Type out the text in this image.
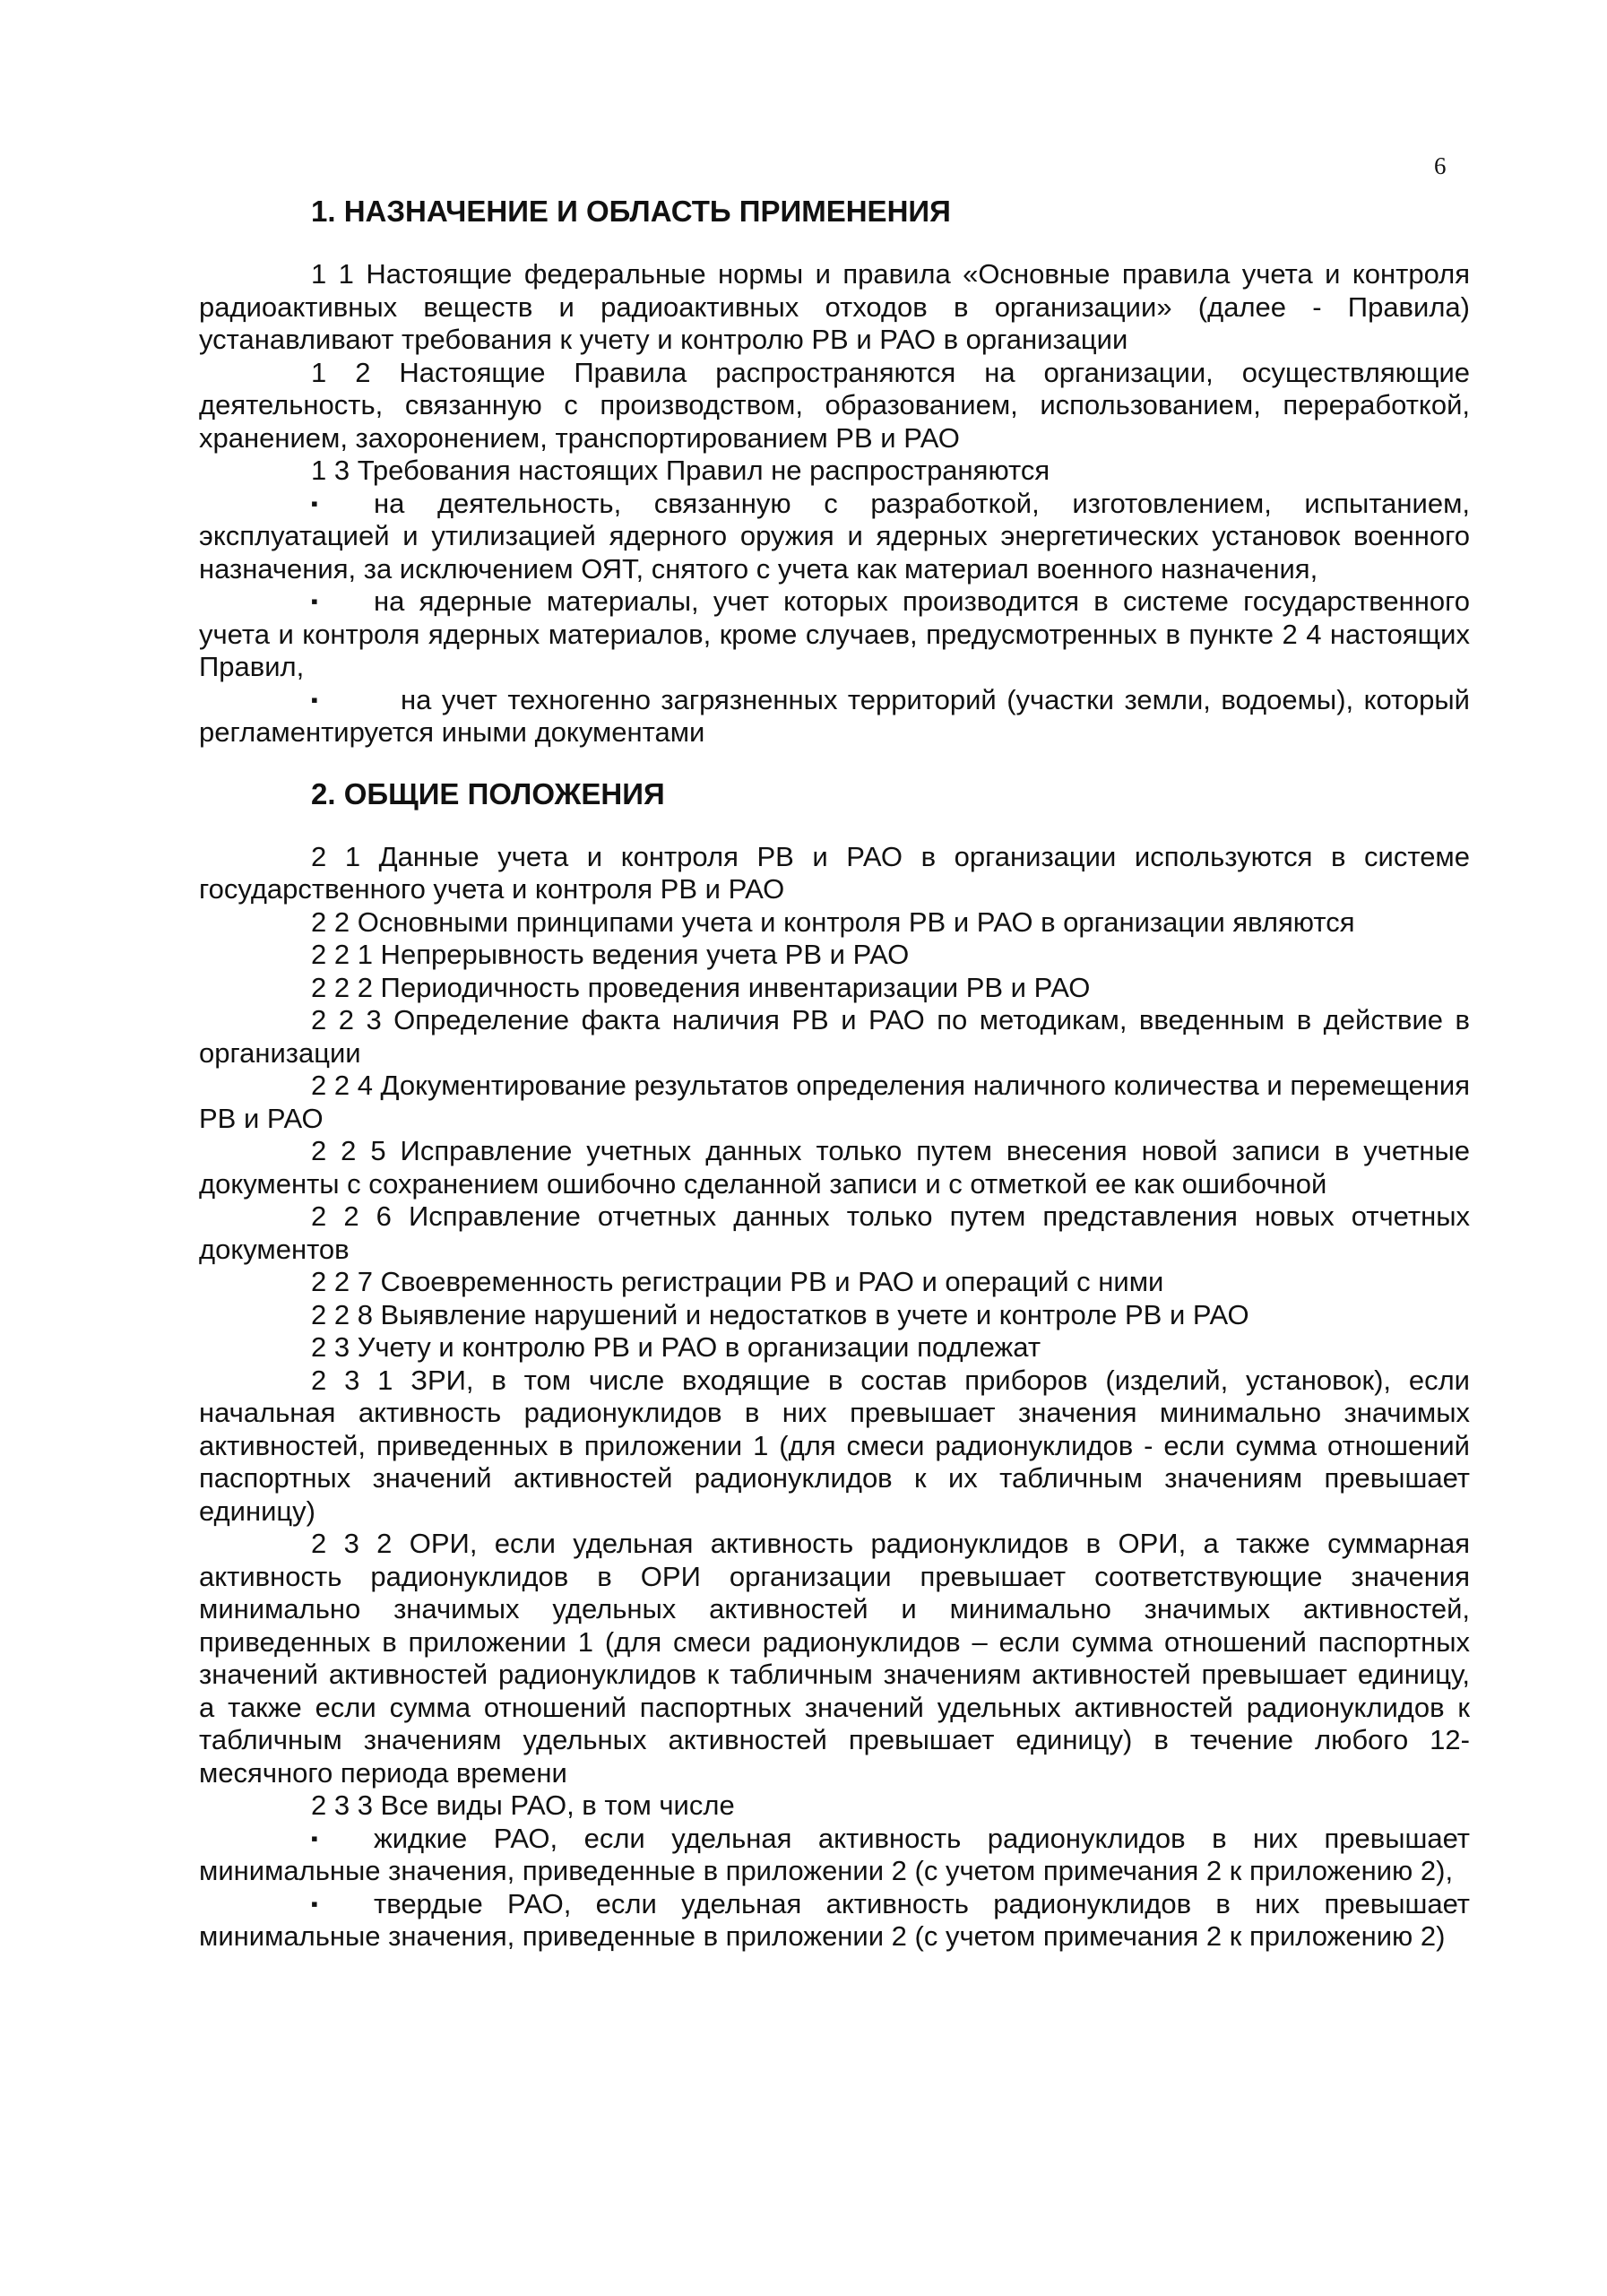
6
1. НАЗНАЧЕНИЕ И ОБЛАСТЬ ПРИМЕНЕНИЯ

1 1 Настоящие федеральные нормы и правила «Основные правила учета и контроля радиоактивных веществ и радиоактивных отходов в организации» (далее - Правила) устанавливают требования к учету и контролю РВ и РАО в организации

1 2 Настоящие Правила распространяются на организации, осуществляющие деятельность, связанную с производством, образованием, использованием, переработкой, хранением, захоронением, транспортированием РВ и РАО

1 3 Требования настоящих Правил не распространяются

▪ на деятельность, связанную с разработкой, изготовлением, испытанием, эксплуатацией и утилизацией ядерного оружия и ядерных энергетических установок военного назначения, за исключением ОЯТ, снятого с учета как материал военного назначения,

▪ на ядерные материалы, учет которых производится в системе государственного учета и контроля ядерных материалов, кроме случаев, предусмотренных в пункте 2 4 настоящих Правил,

▪	на учет техногенно загрязненных территорий (участки земли, водоемы), который регламентируется иными документами

2. ОБЩИЕ ПОЛОЖЕНИЯ

2 1 Данные учета и контроля РВ и РАО в организации используются в системе государственного учета и контроля РВ и РАО

2 2 Основными принципами учета и контроля РВ и РАО в организации являются

2 2 1 Непрерывность ведения учета РВ и РАО

2 2 2 Периодичность проведения инвентаризации РВ и РАО

2 2 3 Определение факта наличия РВ и РАО по методикам, введенным в действие в организации

2 2 4 Документирование результатов определения наличного количества и перемещения РВ и РАО

2 2 5 Исправление учетных данных только путем внесения новой записи в учетные документы с сохранением ошибочно сделанной записи и с отметкой ее как ошибочной

2 2 6 Исправление отчетных данных только путем представления новых отчетных документов

2 2 7 Своевременность регистрации РВ и РАО и операций с ними

2 2 8 Выявление нарушений и недостатков в учете и контроле РВ и РАО

2 3 Учету и контролю РВ и РАО в организации подлежат

2 3 1 ЗРИ, в том числе входящие в состав приборов (изделий, установок), если начальная активность радионуклидов в них превышает значения минимально значимых активностей, приведенных в приложении 1 (для смеси радионуклидов - если сумма отношений паспортных значений активностей радионуклидов к их табличным значениям превышает единицу)

2 3 2 ОРИ, если удельная активность радионуклидов в ОРИ, а также суммарная активность радионуклидов в ОРИ организации превышает соответствующие значения минимально значимых удельных активностей и минимально значимых активностей, приведенных в приложении 1 (для смеси радионуклидов – если сумма отношений паспортных значений активностей радионуклидов к табличным значениям активностей превышает единицу, а также если сумма отношений паспортных значений удельных активностей радионуклидов к табличным значениям удельных активностей превышает единицу) в течение любого 12-месячного периода времени

2 3 3 Все виды РАО, в том числе

▪ жидкие РАО, если удельная активность радионуклидов в них превышает минимальные значения, приведенные в приложении 2 (с учетом примечания 2 к приложению 2),

▪ твердые РАО, если удельная активность радионуклидов в них превышает минимальные значения, приведенные в приложении 2 (с учетом примечания 2 к приложению 2)
